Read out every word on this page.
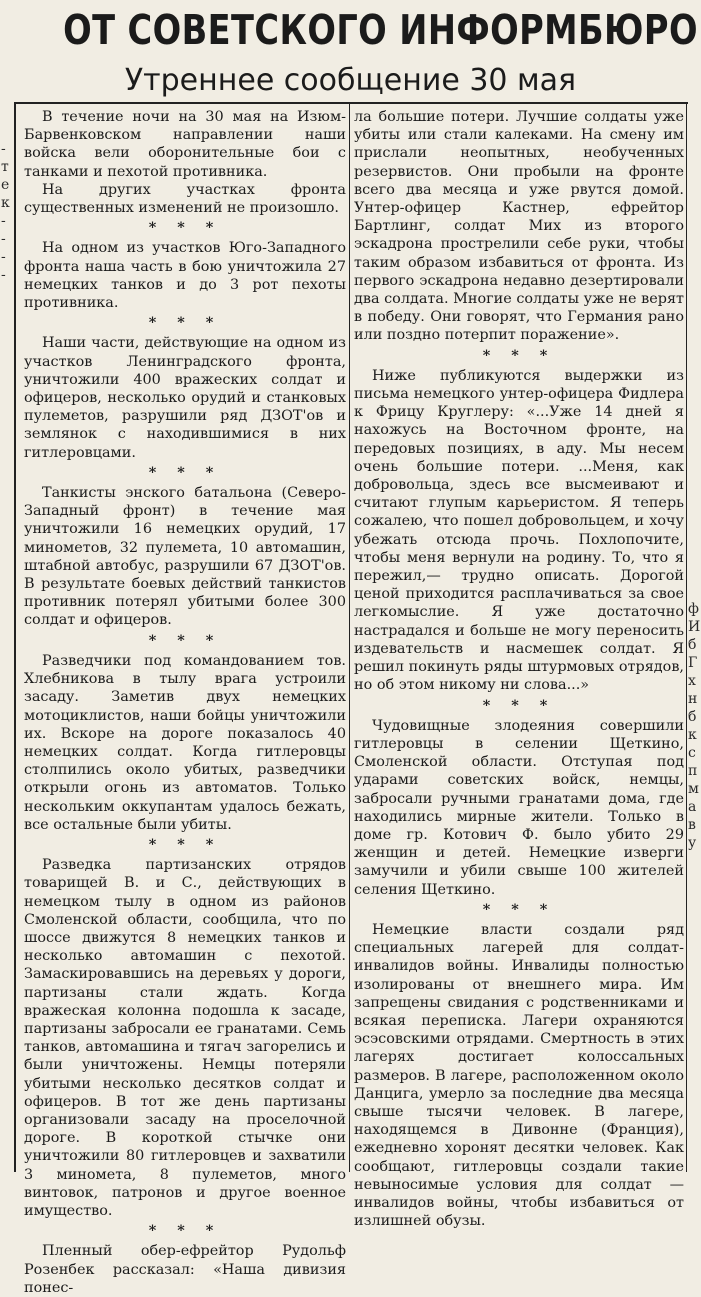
ОТ СОВЕТСКОГО ИНФОРМБЮРО
Утреннее сообщение 30 мая

В течение ночи на 30 мая на Изюм-Барвенковском направлении наши войска вели оборонительные бои с танками и пехотой противника.

На других участках фронта существенных изменений не произошло.

* * *

На одном из участков Юго-Западного фронта наша часть в бою уничтожила 27 немецких танков и до 3 рот пехоты противника.

* * *

Наши части, действующие на одном из участков Ленинградского фронта, уничтожили 400 вражеских солдат и офицеров, несколько орудий и станковых пулеметов, разрушили ряд ДЗОТ'ов и землянок с находившимися в них гитлеровцами.

* * *

Танкисты энского батальона (Северо-Западный фронт) в течение мая уничтожили 16 немецких орудий, 17 минометов, 32 пулемета, 10 автомашин, штабной автобус, разрушили 67 ДЗОТ'ов. В результате боевых действий танкистов противник потерял убитыми более 300 солдат и офицеров.

* * *

Разведчики под командованием тов. Хлебникова в тылу врага устроили засаду. Заметив двух немецких мотоциклистов, наши бойцы уничтожили их. Вскоре на дороге показалось 40 немецких солдат. Когда гитлеровцы столпились около убитых, разведчики открыли огонь из автоматов. Только нескольким оккупантам удалось бежать, все остальные были убиты.

* * *

Разведка партизанских отрядов товарищей В. и С., действующих в немецком тылу в одном из районов Смоленской области, сообщила, что по шоссе движутся 8 немецких танков и несколько автомашин с пехотой. Замаскировавшись на деревьях у дороги, партизаны стали ждать. Когда вражеская колонна подошла к засаде, партизаны забросали ее гранатами. Семь танков, автомашина и тягач загорелись и были уничтожены. Немцы потеряли убитыми несколько десятков солдат и офицеров. В тот же день партизаны организовали засаду на проселочной дороге. В короткой стычке они уничтожили 80 гитлеровцев и захватили 3 миномета, 8 пулеметов, много винтовок, патронов и другое военное имущество.

* * *

Пленный обер-ефрейтор Рудольф Розенбек рассказал: «Наша дивизия понес-

ла большие потери. Лучшие солдаты уже убиты или стали калеками. На смену им прислали неопытных, необученных резервистов. Они пробыли на фронте всего два месяца и уже рвутся домой. Унтер-офицер Кастнер, ефрейтор Бартлинг, солдат Мих из второго эскадрона прострелили себе руки, чтобы таким образом избавиться от фронта. Из первого эскадрона недавно дезертировали два солдата. Многие солдаты уже не верят в победу. Они говорят, что Германия рано или поздно потерпит поражение».

* * *

Ниже публикуются выдержки из письма немецкого унтер-офицера Фидлера к Фрицу Круглеру: «...Уже 14 дней я нахожусь на Восточном фронте, на передовых позициях, в аду. Мы несем очень большие потери. ...Меня, как добровольца, здесь все высмеивают и считают глупым карьеристом. Я теперь сожалею, что пошел добровольцем, и хочу убежать отсюда прочь. Похлопочите, чтобы меня вернули на родину. То, что я пережил,— трудно описать. Дорогой ценой приходится расплачиваться за свое легкомыслие. Я уже достаточно настрадался и больше не могу переносить издевательств и насмешек солдат. Я решил покинуть ряды штурмовых отрядов, но об этом никому ни слова...»

* * *

Чудовищные злодеяния совершили гитлеровцы в селении Щеткино, Смоленской области. Отступая под ударами советских войск, немцы, забросали ручными гранатами дома, где находились мирные жители. Только в доме гр. Котович Ф. было убито 29 женщин и детей. Немецкие изверги замучили и убили свыше 100 жителей селения Щеткино.

* * *

Немецкие власти создали ряд специальных лагерей для солдат-инвалидов войны. Инвалиды полностью изолированы от внешнего мира. Им запрещены свидания с родственниками и всякая переписка. Лагери охраняются эсэсовскими отрядами. Смертность в этих лагерях достигает колоссальных размеров. В лагере, расположенном около Данцига, умерло за последние два месяца свыше тысячи человек. В лагере, находящемся в Дивонне (Франция), ежедневно хоронят десятки человек. Как сообщают, гитлеровцы создали такие невыносимые условия для солдат — инвалидов войны, чтобы избавиться от излишней обузы.

-
т
е
к
-
-
-
-
ф
И
б
Г
х
н
б
к
с
п
м
а
в
у
